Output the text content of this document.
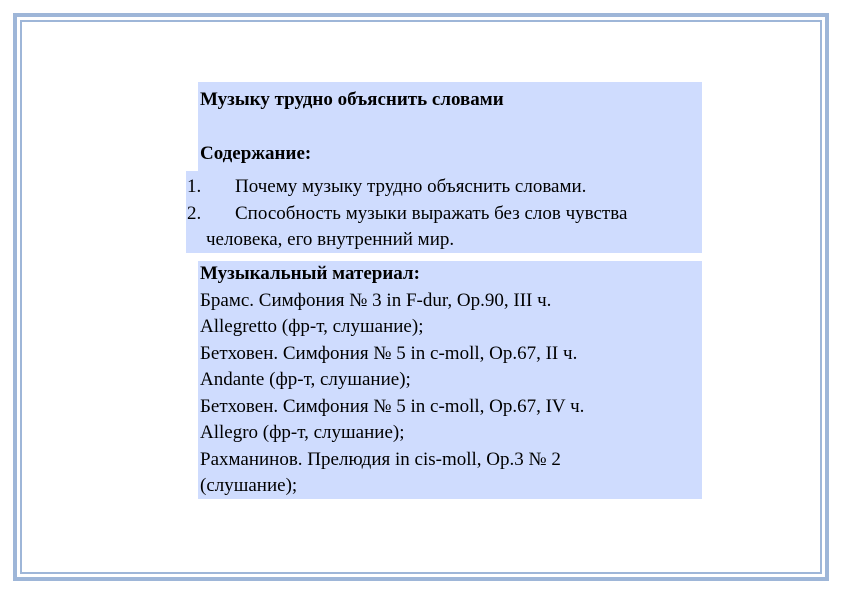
Музыку трудно объяснить словами
Содержание:
1.	Почему музыку трудно объяснить словами.
2.	Способность музыки выражать без слов чувства
человека, его внутренний мир.
Музыкальный материал:
Брамс. Симфония № 3 in F-dur, Op.90, III ч.
Allegretto (фр-т, слушание);
Бетховен. Симфония № 5 in c-moll, Op.67, II ч.
Andante (фр-т, слушание);
Бетховен. Симфония № 5 in c-moll, Op.67, IV ч.
Allegro (фр-т, слушание);
Рахманинов. Прелюдия in cis-moll, Op.3 № 2
(слушание);
